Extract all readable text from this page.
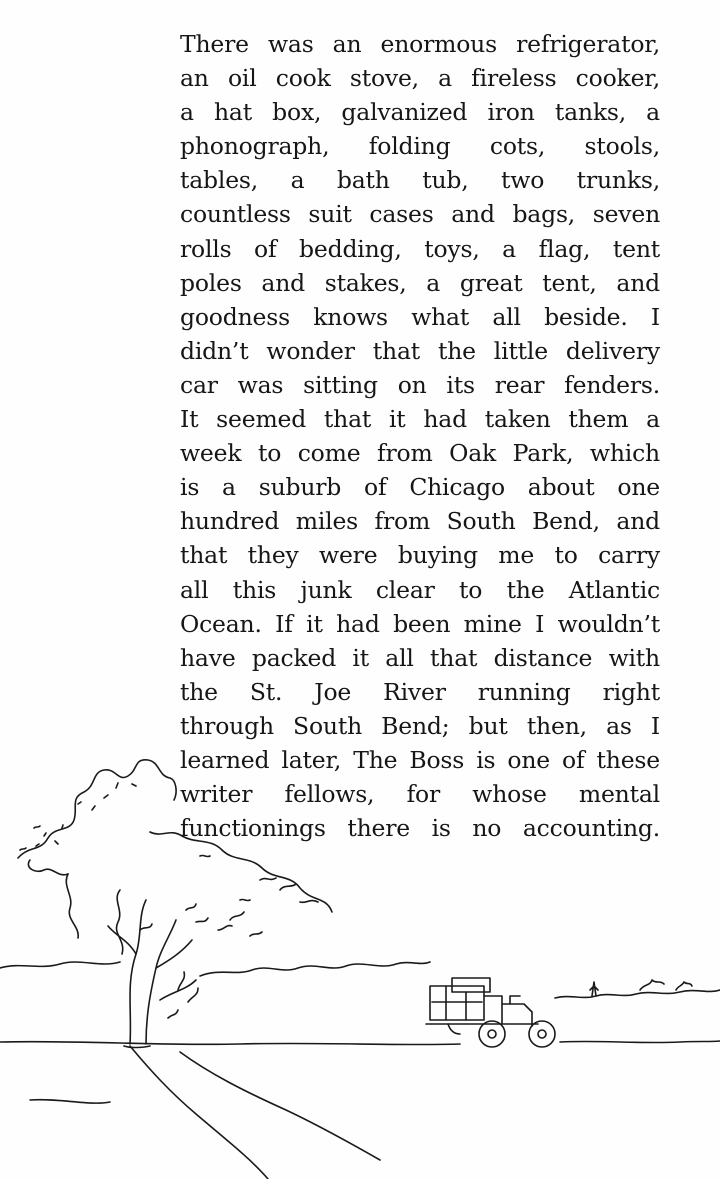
There was an enormous refrigerator,
an oil cook stove, a fireless cooker,
a hat box, galvanized iron tanks, a
phonograph, folding cots, stools,
tables, a bath tub, two trunks,
countless suit cases and bags, seven
rolls of bedding, toys, a flag, tent
poles and stakes, a great tent, and
goodness knows what all beside. I
didn’t wonder that the little delivery
car was sitting on its rear fenders.
It seemed that it had taken them a
week to come from Oak Park, which
is a suburb of Chicago about one
hundred miles from South Bend, and
that they were buying me to carry
all this junk clear to the Atlantic
Ocean. If it had been mine I wouldn’t
have packed it all that distance with
the St. Joe River running right
through South Bend; but then, as I
learned later, The Boss is one of these
writer fellows, for whose mental
functionings there is no accounting.
